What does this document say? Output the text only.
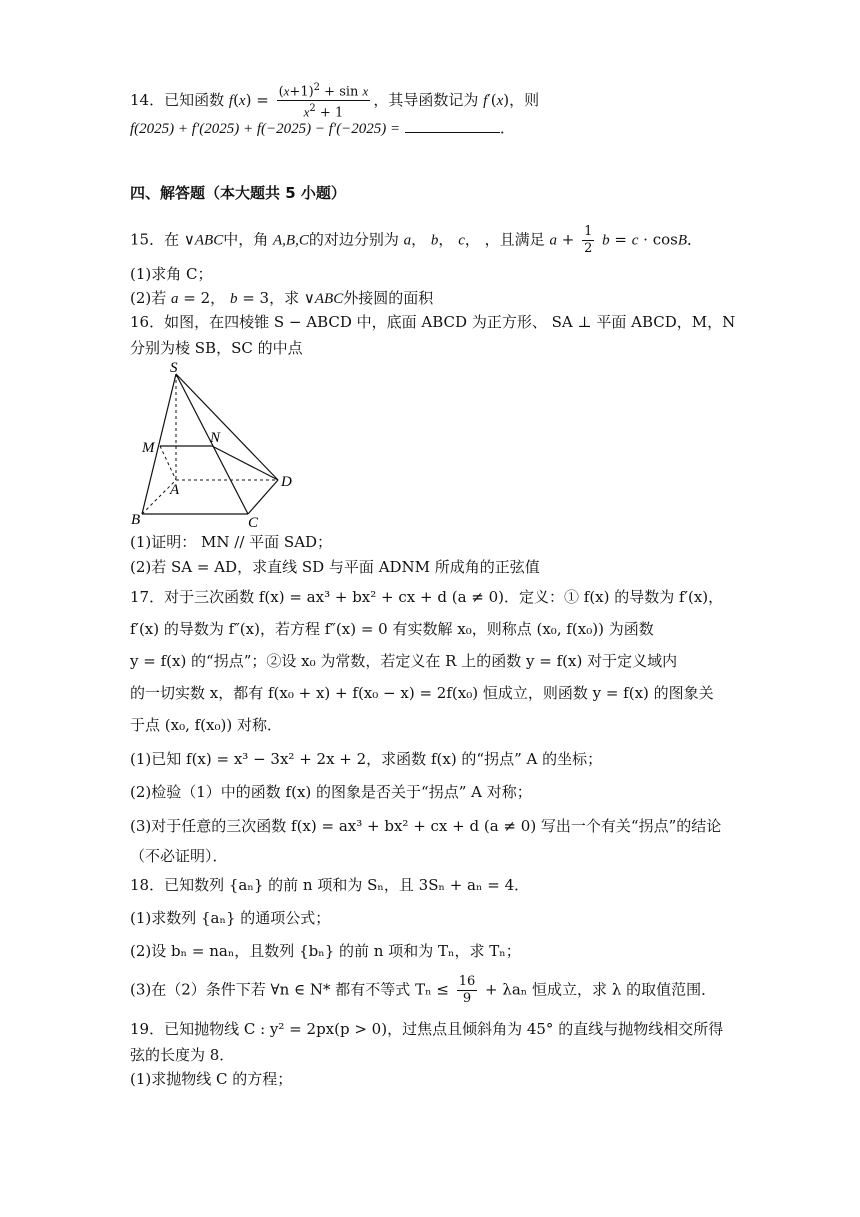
14．已知函数 $f(x) = \frac{(x+1)^2 + \sin x}{x^2 + 1}$ ，其导函数记为 f′(x)，则
f(2025) + f′(2025) + f(−2025) − f′(−2025) =	．
四、解答题（本大题共 5 小题）
15．在 ∨ABC中，角 A,B,C的对边分别为 a， b， c， ，且满足 $a + \frac{1}{2}$ b = c · cosB．
(1)求角 C；
(2)若 a = 2， b = 3，求 ∨ABC外接圆的面积
16．如图，在四棱锥 S − ABCD 中，底面 ABCD 为正方形、 SA ⊥ 平面 ABCD，M，N
分别为棱 SB，SC 的中点
S
M
N
A	D
B	C
(1)证明： MN // 平面 SAD；
(2)若 SA = AD，求直线 SD 与平面 ADNM 所成角的正弦值
17．对于三次函数 f(x) = ax³ + bx² + cx + d (a ≠ 0)．定义：① f(x) 的导数为 f′(x)，
f′(x) 的导数为 f″(x)，若方程 f″(x) = 0 有实数解 x₀，则称点 (x₀, f(x₀)) 为函数
y = f(x) 的“拐点”；②设 x₀ 为常数，若定义在 R 上的函数 y = f(x) 对于定义域内
的一切实数 x，都有 f(x₀ + x) + f(x₀ − x) = 2f(x₀) 恒成立，则函数 y = f(x) 的图象关
于点 (x₀, f(x₀)) 对称．
(1)已知 f(x) = x³ − 3x² + 2x + 2，求函数 f(x) 的“拐点” A 的坐标；
(2)检验（1）中的函数 f(x) 的图象是否关于“拐点” A 对称；
(3)对于任意的三次函数 f(x) = ax³ + bx² + cx + d (a ≠ 0) 写出一个有关“拐点”的结论
（不必证明）．
18．已知数列 {aₙ} 的前 n 项和为 Sₙ，且 3Sₙ + aₙ = 4．
(1)求数列 {aₙ} 的通项公式；
(2)设 bₙ = naₙ，且数列 {bₙ} 的前 n 项和为 Tₙ，求 Tₙ；
(3)在（2）条件下若 ∀n ∈ N* 都有不等式 $T_n \le \frac{16}{9} + \lambda a_n$ 恒成立，求 λ 的取值范围．
19．已知抛物线 C : y² = 2px(p > 0)，过焦点且倾斜角为 45° 的直线与抛物线相交所得
弦的长度为 8．
(1)求抛物线 C 的方程；
